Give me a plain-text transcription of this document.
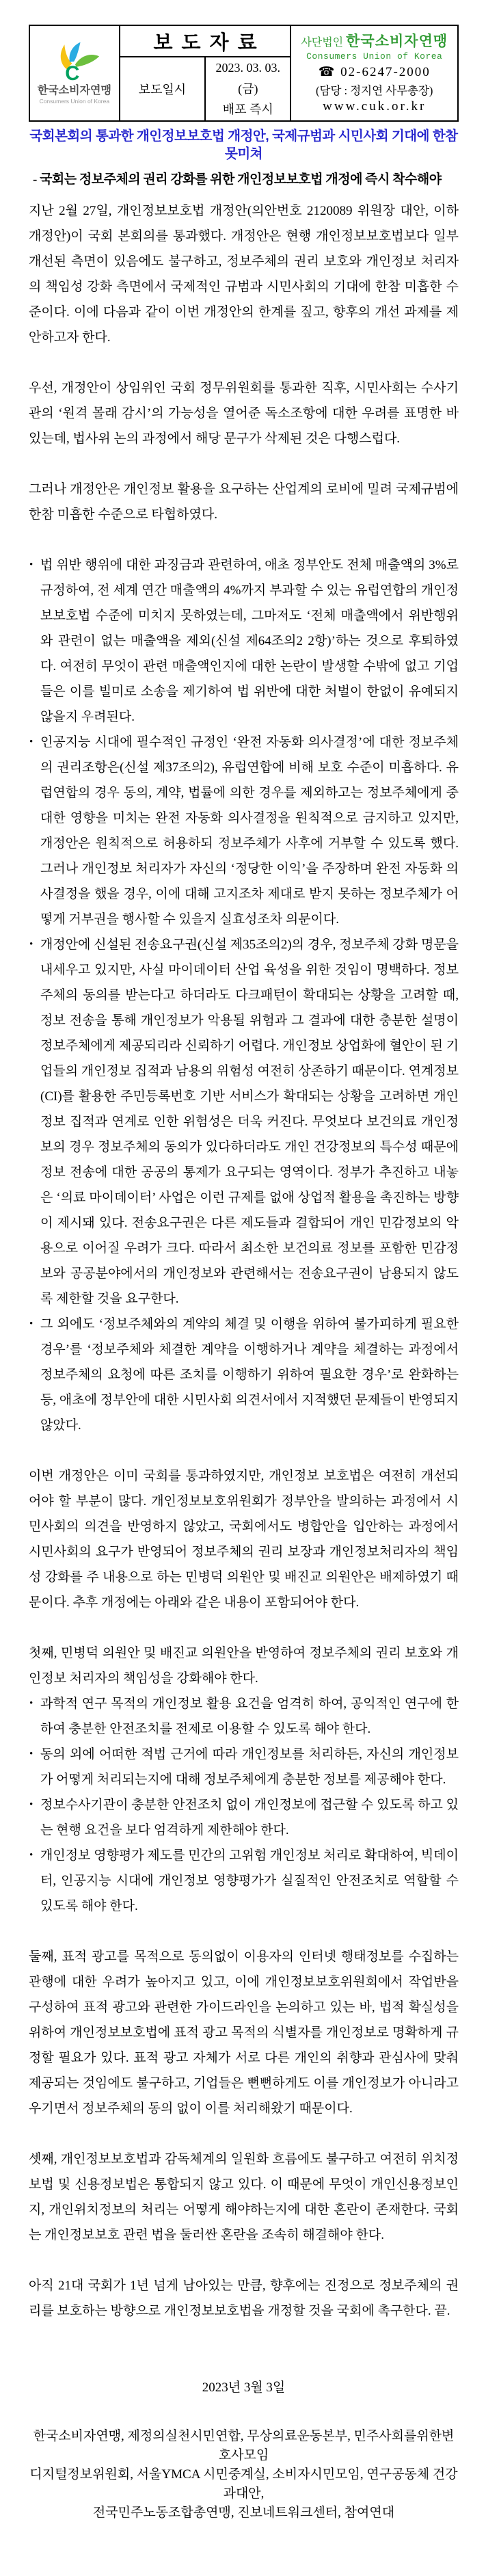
C
한국소비자연맹
Consumers Union of Korea
	보도자료	사단법인 한국소비자연맹
Consumers Union of Korea
☎ 02-6247-2000
(담당 : 정지연 사무총장)
www.cuk.or.kr

	보도일시	2023. 03. 03. (금)
배포 즉시	
국회본회의 통과한 개인정보보호법 개정안, 국제규범과 시민사회 기대에 한참 못미쳐
- 국회는 정보주체의 권리 강화를 위한 개인정보보호법 개정에 즉시 착수해야

지난 2월 27일, 개인정보보호법 개정안(의안번호 2120089 위원장 대안, 이하 개정안)이 국회 본회의를 통과했다. 개정안은 현행 개인정보보호법보다 일부개선된 측면이 있음에도 불구하고, 정보주체의 권리 보호와 개인정보 처리자의 책임성 강화 측면에서 국제적인 규범과 시민사회의 기대에 한참 미흡한 수준이다. 이에 다음과 같이 이번 개정안의 한계를 짚고, 향후의 개선 과제를 제안하고자 한다.

우선, 개정안이 상임위인 국회 정무위원회를 통과한 직후, 시민사회는 수사기관의 ‘원격 몰래 감시’의 가능성을 열어준 독소조항에 대한 우려를 표명한 바 있는데, 법사위 논의 과정에서 해당 문구가 삭제된 것은 다행스럽다.

그러나 개정안은 개인정보 활용을 요구하는 산업계의 로비에 밀려 국제규범에 한참 미흡한 수준으로 타협하였다.

• 법 위반 행위에 대한 과징금과 관련하여, 애초 정부안도 전체 매출액의 3%로 규정하여, 전 세계 연간 매출액의 4%까지 부과할 수 있는 유럽연합의 개인정보보호법 수준에 미치지 못하였는데, 그마저도 ‘전체 매출액에서 위반행위와 관련이 없는 매출액을 제외(신설 제64조의2 2항)’하는 것으로 후퇴하였다. 여전히 무엇이 관련 매출액인지에 대한 논란이 발생할 수밖에 없고 기업들은 이를 빌미로 소송을 제기하여 법 위반에 대한 처벌이 한없이 유예되지 않을지 우려된다.
• 인공지능 시대에 필수적인 규정인 ‘완전 자동화 의사결정’에 대한 정보주체의 권리조항은(신설 제37조의2), 유럽연합에 비해 보호 수준이 미흡하다. 유럽연합의 경우 동의, 계약, 법률에 의한 경우를 제외하고는 정보주체에게 중대한 영향을 미치는 완전 자동화 의사결정을 원칙적으로 금지하고 있지만, 개정안은 원칙적으로 허용하되 정보주체가 사후에 거부할 수 있도록 했다. 그러나 개인정보 처리자가 자신의 ‘정당한 이익’을 주장하며 완전 자동화 의사결정을 했을 경우, 이에 대해 고지조차 제대로 받지 못하는 정보주체가 어떻게 거부권을 행사할 수 있을지 실효성조차 의문이다.
• 개정안에 신설된 전송요구권(신설 제35조의2)의 경우, 정보주체 강화 명문을 내세우고 있지만, 사실 마이데이터 산업 육성을 위한 것임이 명백하다. 정보주체의 동의를 받는다고 하더라도 다크패턴이 확대되는 상황을 고려할 때, 정보 전송을 통해 개인정보가 악용될 위험과 그 결과에 대한 충분한 설명이 정보주체에게 제공되리라 신뢰하기 어렵다. 개인정보 상업화에 혈안이 된 기업들의 개인정보 집적과 남용의 위험성 여전히 상존하기 때문이다. 연계정보(CI)를 활용한 주민등록번호 기반 서비스가 확대되는 상황을 고려하면 개인정보 집적과 연계로 인한 위험성은 더욱 커진다. 무엇보다 보건의료 개인정보의 경우 정보주체의 동의가 있다하더라도 개인 건강정보의 특수성 때문에 정보 전송에 대한 공공의 통제가 요구되는 영역이다. 정부가 추진하고 내놓은 ‘의료 마이데이터’ 사업은 이런 규제를 없애 상업적 활용을 촉진하는 방향이 제시돼 있다. 전송요구권은 다른 제도들과 결합되어 개인 민감정보의 악용으로 이어질 우려가 크다. 따라서 최소한 보건의료 정보를 포함한 민감정보와 공공분야에서의 개인정보와 관련해서는 전송요구권이 남용되지 않도록 제한할 것을 요구한다.
• 그 외에도 ‘정보주체와의 계약의 체결 및 이행을 위하여 불가피하게 필요한 경우’를 ‘정보주체와 체결한 계약을 이행하거나 계약을 체결하는 과정에서 정보주체의 요청에 따른 조치를 이행하기 위하여 필요한 경우’로 완화하는 등, 애초에 정부안에 대한 시민사회 의견서에서 지적했던 문제들이 반영되지 않았다.

이번 개정안은 이미 국회를 통과하였지만, 개인정보 보호법은 여전히 개선되어야 할 부분이 많다. 개인정보보호위원회가 정부안을 발의하는 과정에서 시민사회의 의견을 반영하지 않았고, 국회에서도 병합안을 입안하는 과정에서 시민사회의 요구가 반영되어 정보주체의 권리 보장과 개인정보처리자의 책임성 강화를 주 내용으로 하는 민병덕 의원안 및 배진교 의원안은 배제하였기 때문이다. 추후 개정에는 아래와 같은 내용이 포함되어야 한다.

첫째, 민병덕 의원안 및 배진교 의원안을 반영하여 정보주체의 권리 보호와 개인정보 처리자의 책임성을 강화해야 한다.

• 과학적 연구 목적의 개인정보 활용 요건을 엄격히 하여, 공익적인 연구에 한하여 충분한 안전조치를 전제로 이용할 수 있도록 해야 한다.
• 동의 외에 어떠한 적법 근거에 따라 개인정보를 처리하든, 자신의 개인정보가 어떻게 처리되는지에 대해 정보주체에게 충분한 정보를 제공해야 한다.
• 정보수사기관이 충분한 안전조치 없이 개인정보에 접근할 수 있도록 하고 있는 현행 요건을 보다 엄격하게 제한해야 한다.
• 개인정보 영향평가 제도를 민간의 고위험 개인정보 처리로 확대하여, 빅데이터, 인공지능 시대에 개인정보 영향평가가 실질적인 안전조치로 역할할 수 있도록 해야 한다.

둘째, 표적 광고를 목적으로 동의없이 이용자의 인터넷 행태정보를 수집하는 관행에 대한 우려가 높아지고 있고, 이에 개인정보보호위원회에서 작업반을 구성하여 표적 광고와 관련한 가이드라인을 논의하고 있는 바, 법적 확실성을 위하여 개인정보보호법에 표적 광고 목적의 식별자를 개인정보로 명확하게 규정할 필요가 있다. 표적 광고 자체가 서로 다른 개인의 취향과 관심사에 맞춰 제공되는 것임에도 불구하고, 기업들은 뻔뻔하게도 이를 개인정보가 아니라고 우기면서 정보주체의 동의 없이 이를 처리해왔기 때문이다.

셋째, 개인정보보호법과 감독체계의 일원화 흐름에도 불구하고 여전히 위치정보법 및 신용정보법은 통합되지 않고 있다. 이 때문에 무엇이 개인신용정보인지, 개인위치정보의 처리는 어떻게 해야하는지에 대한 혼란이 존재한다. 국회는 개인정보보호 관련 법을 둘러싼 혼란을 조속히 해결해야 한다.

아직 21대 국회가 1년 넘게 남아있는 만큼, 향후에는 진정으로 정보주체의 권리를 보호하는 방향으로 개인정보보호법을 개정할 것을 국회에 촉구한다. 끝.

2023년 3월 3일
한국소비자연맹, 제정의실천시민연합, 무상의료운동본부, 민주사회를위한변호사모임
디지털정보위원회, 서울YMCA 시민중계실, 소비자시민모임, 연구공동체 건강과대안,
전국민주노동조합총연맹, 진보네트워크센터, 참여연대
